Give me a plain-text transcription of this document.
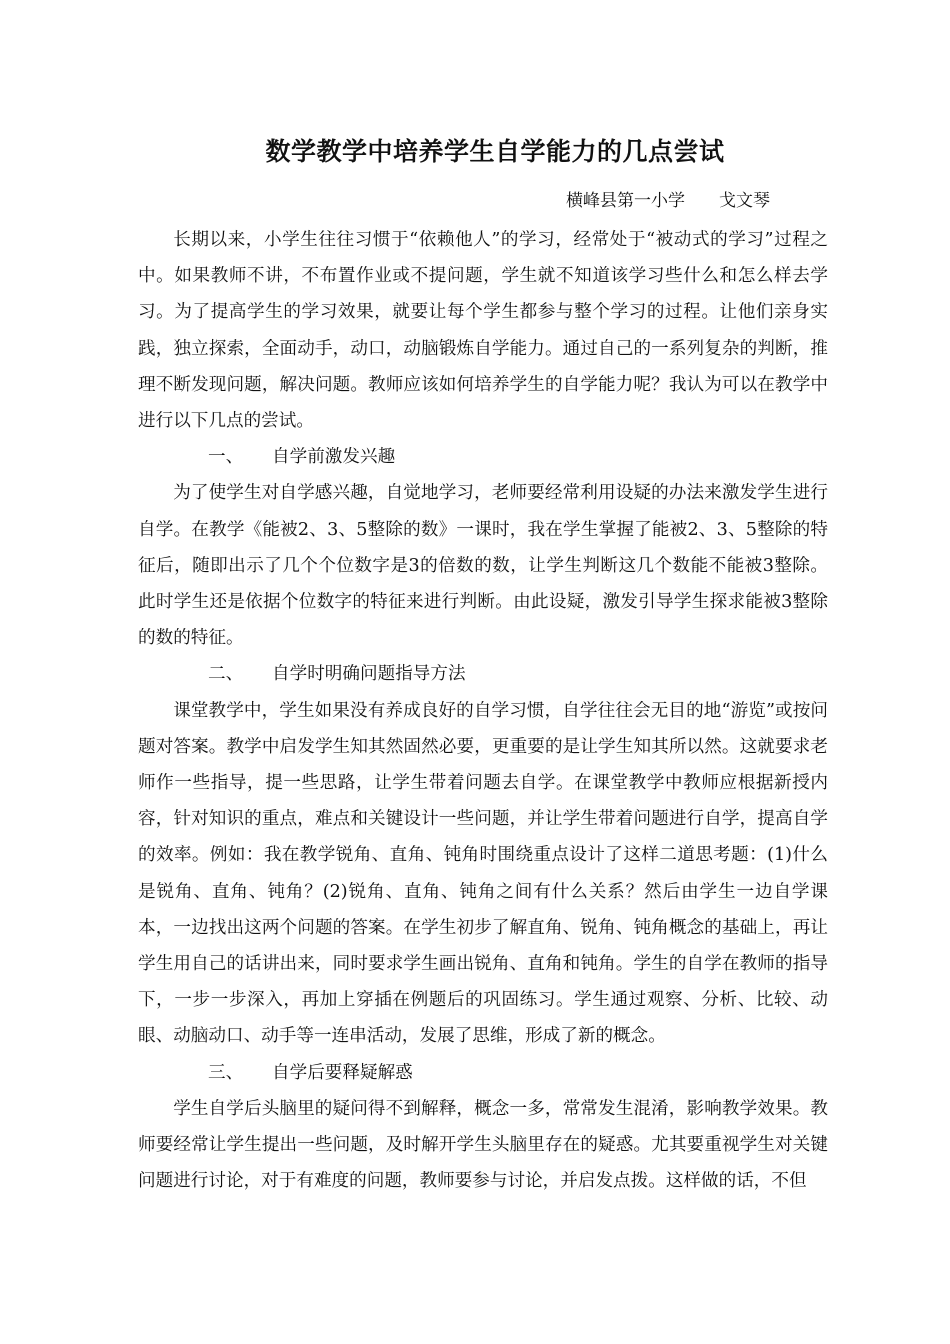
数学教学中培养学生自学能力的几点尝试
横峰县第一小学 戈文琴

长期以来，小学生往往习惯于“依赖他人”的学习，经常处于“被动式的学习”过程之中。如果教师不讲，不布置作业或不提问题，学生就不知道该学习些什么和怎么样去学习。为了提高学生的学习效果，就要让每个学生都参与整个学习的过程。让他们亲身实践，独立探索，全面动手，动口，动脑锻炼自学能力。通过自己的一系列复杂的判断，推理不断发现问题，解决问题。教师应该如何培养学生的自学能力呢？我认为可以在教学中进行以下几点的尝试。

一、 自学前激发兴趣

为了使学生对自学感兴趣，自觉地学习，老师要经常利用设疑的办法来激发学生进行自学。在教学《能被2、3、5整除的数》一课时，我在学生掌握了能被2、3、5整除的特征后，随即出示了几个个位数字是3的倍数的数，让学生判断这几个数能不能被3整除。此时学生还是依据个位数字的特征来进行判断。由此设疑，激发引导学生探求能被3整除的数的特征。

二、 自学时明确问题指导方法

课堂教学中，学生如果没有养成良好的自学习惯，自学往往会无目的地“游览”或按问题对答案。教学中启发学生知其然固然必要，更重要的是让学生知其所以然。这就要求老师作一些指导，提一些思路，让学生带着问题去自学。在课堂教学中教师应根据新授内容，针对知识的重点，难点和关键设计一些问题，并让学生带着问题进行自学，提高自学的效率。例如：我在教学锐角、直角、钝角时围绕重点设计了这样二道思考题：(1)什么是锐角、直角、钝角？(2)锐角、直角、钝角之间有什么关系？然后由学生一边自学课本，一边找出这两个问题的答案。在学生初步了解直角、锐角、钝角概念的基础上，再让学生用自己的话讲出来，同时要求学生画出锐角、直角和钝角。学生的自学在教师的指导下，一步一步深入，再加上穿插在例题后的巩固练习。学生通过观察、分析、比较、动眼、动脑动口、动手等一连串活动，发展了思维，形成了新的概念。

三、 自学后要释疑解惑

学生自学后头脑里的疑问得不到解释，概念一多，常常发生混淆，影响教学效果。教师要经常让学生提出一些问题，及时解开学生头脑里存在的疑惑。尤其要重视学生对关键问题进行讨论，对于有难度的问题，教师要参与讨论，并启发点拨。这样做的话，不但
